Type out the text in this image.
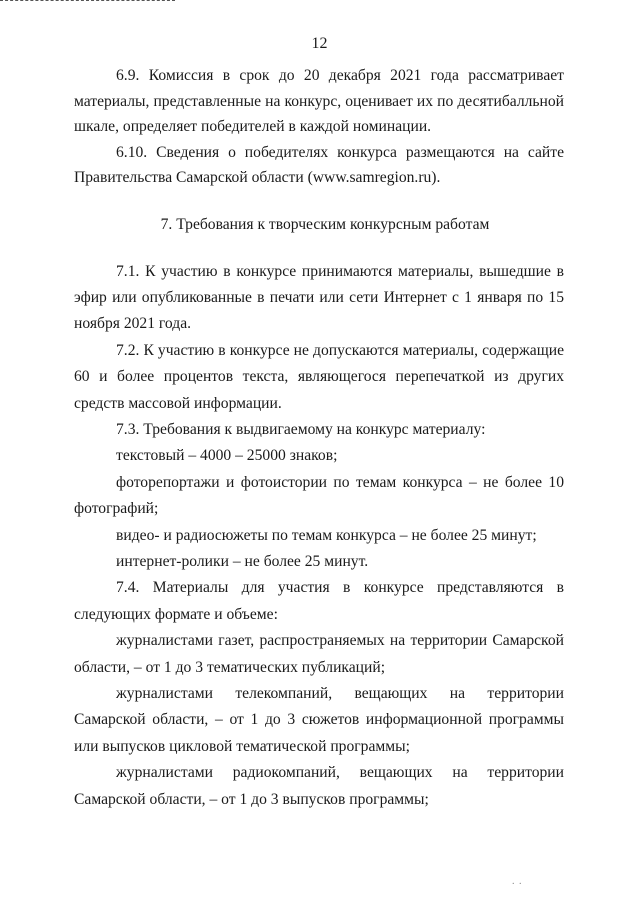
12

6.9. Комиссия в срок до 20 декабря 2021 года рассматривает материалы, представленные на конкурс, оценивает их по десятибалльной шкале, определяет победителей в каждой номинации.

6.10. Сведения о победителях конкурса размещаются на сайте Правительства Самарской области (www.samregion.ru).

7. Требования к творческим конкурсным работам

7.1. К участию в конкурсе принимаются материалы, вышедшие в эфир или опубликованные в печати или сети Интернет с 1 января по 15 ноября 2021 года.

7.2. К участию в конкурсе не допускаются материалы, содержащие 60 и более процентов текста, являющегося перепечаткой из других средств массовой информации.

7.3. Требования к выдвигаемому на конкурс материалу:

текстовый – 4000 – 25000 знаков;

фоторепортажи и фотоистории по темам конкурса – не более 10 фотографий;

видео- и радиосюжеты по темам конкурса – не более 25 минут;

интернет-ролики – не более 25 минут.

7.4. Материалы для участия в конкурсе представляются в следующих формате и объеме:

журналистами газет, распространяемых на территории Самарской области, – от 1 до 3 тематических публикаций;

журналистами телекомпаний, вещающих на территории Самарской области, – от 1 до 3 сюжетов информационной программы или выпусков цикловой тематической программы;

журналистами радиокомпаний, вещающих на территории Самарской области, – от 1 до 3 выпусков программы;

. .
